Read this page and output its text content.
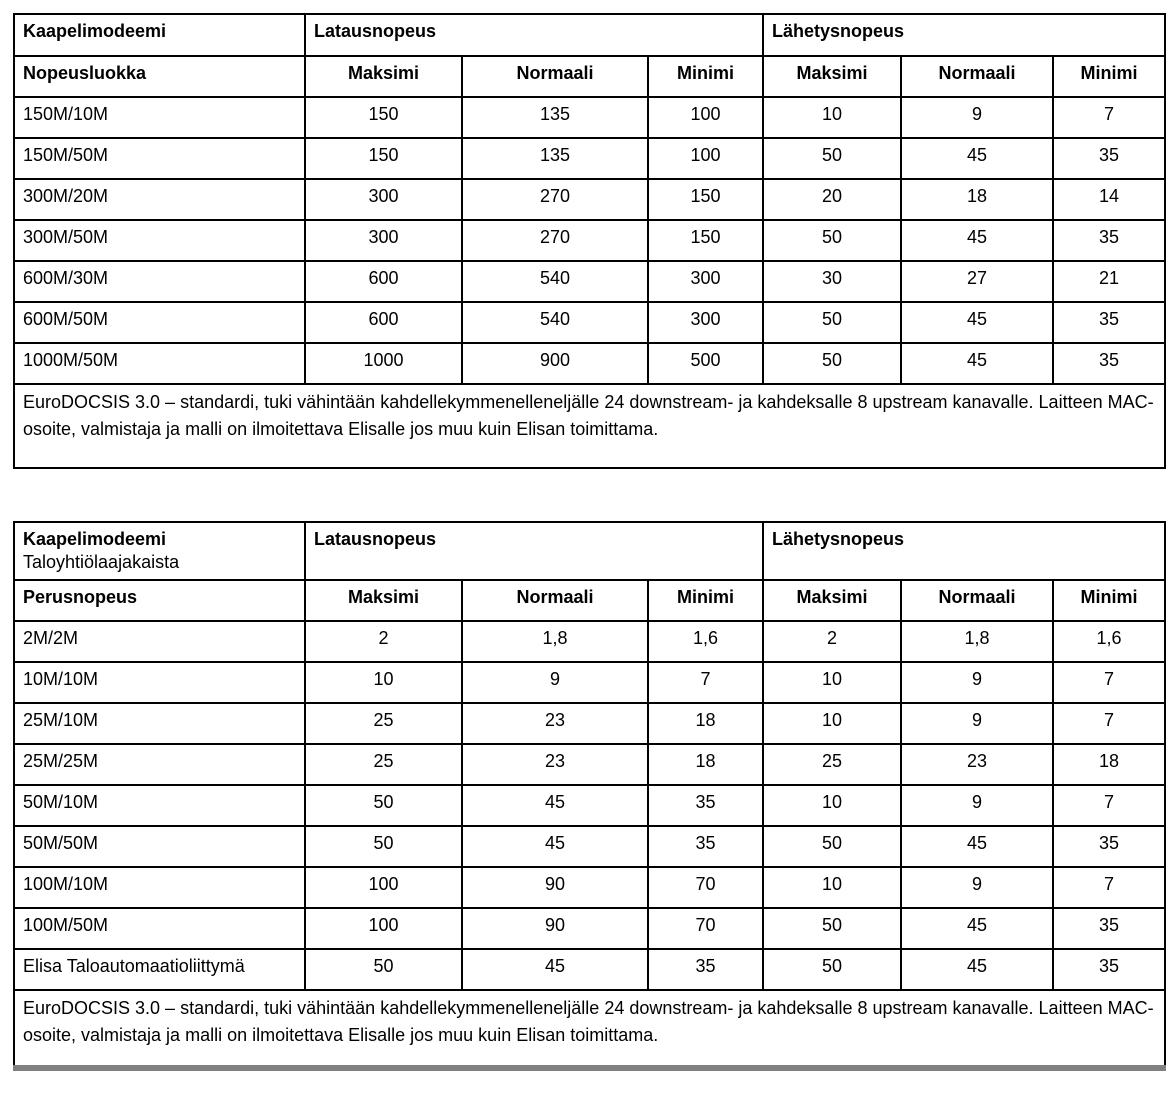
Kaapelimodeemi	Latausnopeus			Lähetysnopeus		
Nopeusluokka	Maksimi	Normaali	Minimi	Maksimi	Normaali	Minimi
150M/10M	150	135	100	10	9	7
150M/50M	150	135	100	50	45	35
300M/20M	300	270	150	20	18	14
300M/50M	300	270	150	50	45	35
600M/30M	600	540	300	30	27	21
600M/50M	600	540	300	50	45	35
1000M/50M	1000	900	500	50	45	35
EuroDOCSIS 3.0 – standardi, tuki vähintään kahdellekymmenelleneljälle 24 downstream- ja kahdeksalle 8 upstream kanavalle. Laitteen MAC-osoite, valmistaja ja malli on ilmoitettava Elisalle jos muu kuin Elisan toimittama.						
Kaapelimodeemi
Taloyhtiölaajakaista	Latausnopeus			Lähetysnopeus		
Perusnopeus	Maksimi	Normaali	Minimi	Maksimi	Normaali	Minimi
2M/2M	2	1,8	1,6	2	1,8	1,6
10M/10M	10	9	7	10	9	7
25M/10M	25	23	18	10	9	7
25M/25M	25	23	18	25	23	18
50M/10M	50	45	35	10	9	7
50M/50M	50	45	35	50	45	35
100M/10M	100	90	70	10	9	7
100M/50M	100	90	70	50	45	35
Elisa Taloautomaatioliittymä	50	45	35	50	45	35
EuroDOCSIS 3.0 – standardi, tuki vähintään kahdellekymmenelleneljälle 24 downstream- ja kahdeksalle 8 upstream kanavalle. Laitteen MAC-osoite, valmistaja ja malli on ilmoitettava Elisalle jos muu kuin Elisan toimittama.						
